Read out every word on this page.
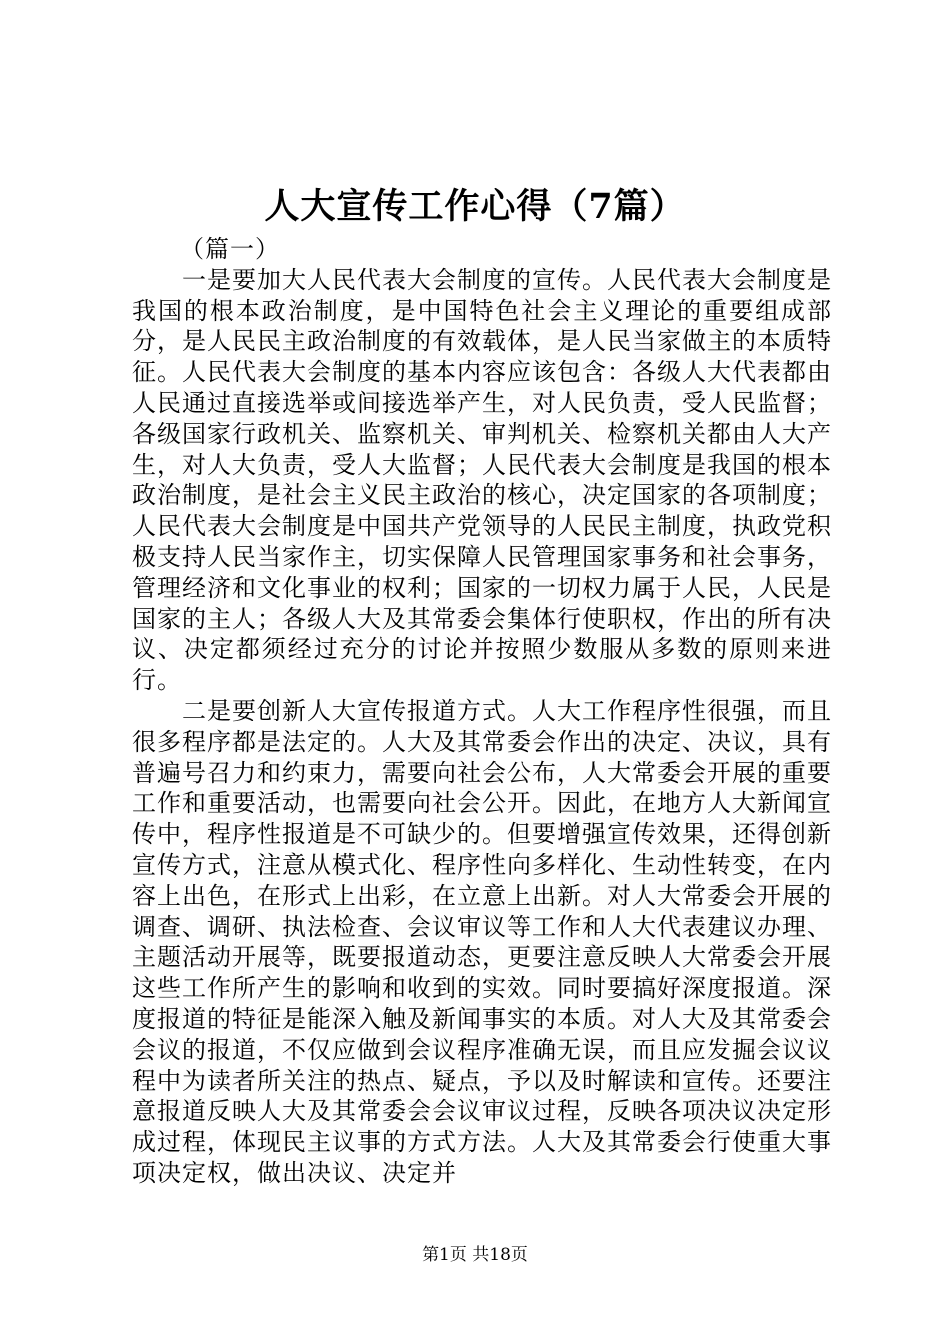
人大宣传工作心得（7篇）

（篇一）

一是要加大人民代表大会制度的宣传。人民代表大会制度是我国的根本政治制度，是中国特色社会主义理论的重要组成部分，是人民民主政治制度的有效载体，是人民当家做主的本质特征。人民代表大会制度的基本内容应该包含：各级人大代表都由人民通过直接选举或间接选举产生，对人民负责，受人民监督；各级国家行政机关、监察机关、审判机关、检察机关都由人大产生，对人大负责，受人大监督；人民代表大会制度是我国的根本政治制度，是社会主义民主政治的核心，决定国家的各项制度；人民代表大会制度是中国共产党领导的人民民主制度，执政党积极支持人民当家作主，切实保障人民管理国家事务和社会事务，管理经济和文化事业的权利；国家的一切权力属于人民，人民是国家的主人；各级人大及其常委会集体行使职权，作出的所有决议、决定都须经过充分的讨论并按照少数服从多数的原则来进行。

二是要创新人大宣传报道方式。人大工作程序性很强，而且很多程序都是法定的。人大及其常委会作出的决定、决议，具有普遍号召力和约束力，需要向社会公布，人大常委会开展的重要工作和重要活动，也需要向社会公开。因此，在地方人大新闻宣传中，程序性报道是不可缺少的。但要增强宣传效果，还得创新宣传方式，注意从模式化、程序性向多样化、生动性转变，在内容上出色，在形式上出彩，在立意上出新。对人大常委会开展的调查、调研、执法检查、会议审议等工作和人大代表建议办理、主题活动开展等，既要报道动态，更要注意反映人大常委会开展这些工作所产生的影响和收到的实效。同时要搞好深度报道。深度报道的特征是能深入触及新闻事实的本质。对人大及其常委会会议的报道，不仅应做到会议程序准确无误，而且应发掘会议议程中为读者所关注的热点、疑点，予以及时解读和宣传。还要注意报道反映人大及其常委会会议审议过程，反映各项决议决定形成过程，体现民主议事的方式方法。人大及其常委会行使重大事项决定权，做出决议、决定并

第1页 共18页
